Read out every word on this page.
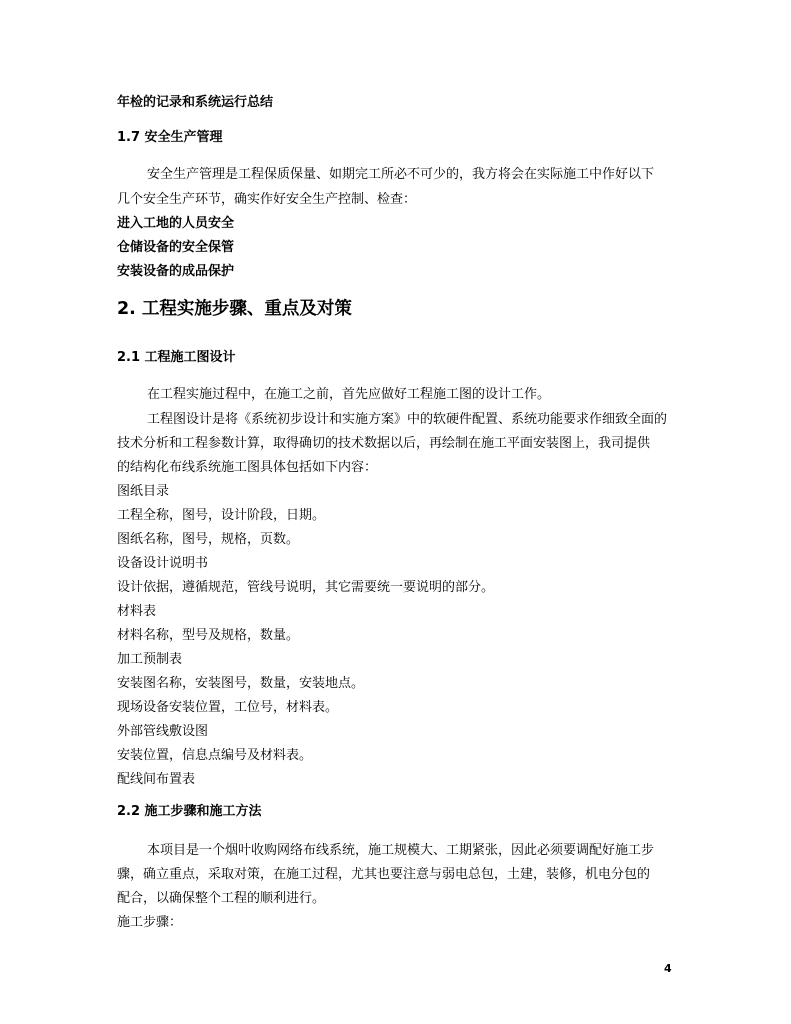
年检的记录和系统运行总结
1.7 安全生产管理
安全生产管理是工程保质保量、如期完工所必不可少的，我方将会在实际施工中作好以下
几个安全生产环节，确实作好安全生产控制、检查：
进入工地的人员安全
仓储设备的安全保管
安装设备的成品保护
2. 工程实施步骤、重点及对策
2.1 工程施工图设计
在工程实施过程中，在施工之前，首先应做好工程施工图的设计工作。
工程图设计是将《系统初步设计和实施方案》中的软硬件配置、系统功能要求作细致全面的
技术分析和工程参数计算，取得确切的技术数据以后，再绘制在施工平面安装图上，我司提供
的结构化布线系统施工图具体包括如下内容：
图纸目录
工程全称，图号，设计阶段，日期。
图纸名称，图号，规格，页数。
设备设计说明书
设计依据，遵循规范，管线号说明，其它需要统一要说明的部分。
材料表
材料名称，型号及规格，数量。
加工预制表
安装图名称，安装图号，数量，安装地点。
现场设备安装位置，工位号，材料表。
外部管线敷设图
安装位置，信息点编号及材料表。
配线间布置表
2.2 施工步骤和施工方法
本项目是一个烟叶收购网络布线系统，施工规模大、工期紧张，因此必须要调配好施工步
骤，确立重点，采取对策，在施工过程，尤其也要注意与弱电总包，土建，装修，机电分包的
配合，以确保整个工程的顺利进行。
施工步骤：
4
